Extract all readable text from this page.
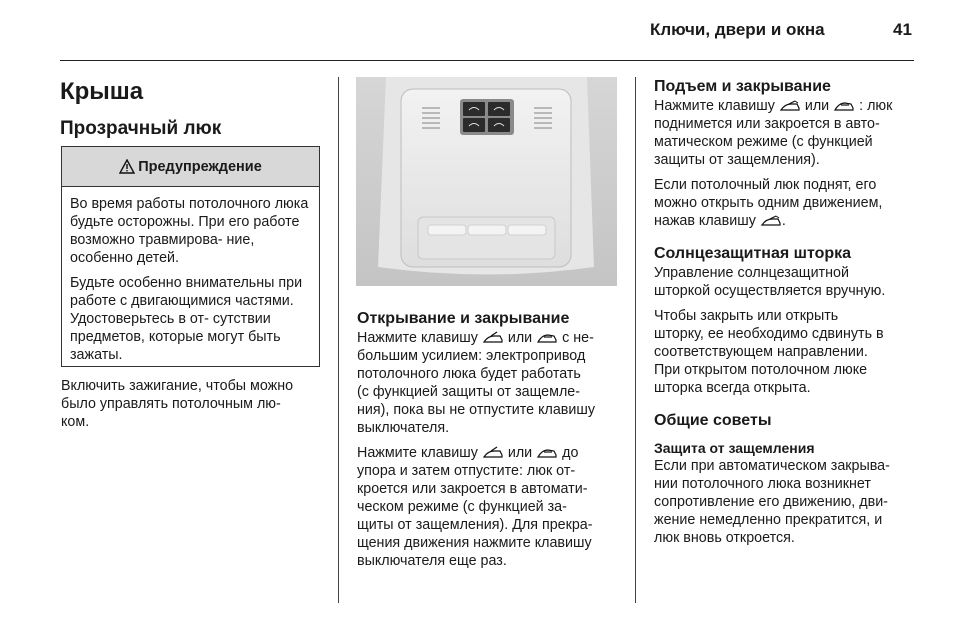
Ключи, двери и окна	41
Крыша
Прозрачный люк
Предупреждение

Во время работы потолочного люка будьте осторожны. При его работе возможно травмирова- ние, особенно детей.

Будьте особенно внимательны при работе с двигающимися частями. Удостоверьтесь в от- сутствии предметов, которые могут быть зажаты.

Включить зажигание, чтобы можно
было управлять потолочным лю-
ком.
Открывание и закрывание

Нажмите клавишу или с не-
большим усилием: электропривод
потолочного люка будет работать
(с функцией защиты от защемле-
ния), пока вы не отпустите клавишу
выключателя.

Нажмите клавишу или до
упора и затем отпустите: люк от-
кроется или закроется в автомати-
ческом режиме (с функцией за-
щиты от защемления). Для прекра-
щения движения нажмите клавишу
выключателя еще раз.

Подъем и закрывание

Нажмите клавишу или : люк
поднимется или закроется в авто-
матическом режиме (с функцией
защиты от защемления).

Если потолочный люк поднят, его
можно открыть одним движением,
нажав клавишу .

Солнцезащитная шторка

Управление солнцезащитной
шторкой осуществляется вручную.

Чтобы закрыть или открыть
шторку, ее необходимо сдвинуть в
соответствующем направлении.
При открытом потолочном люке
шторка всегда открыта.

Общие советы
Защита от защемления

Если при автоматическом закрыва-
нии потолочного люка возникнет
сопротивление его движению, дви-
жение немедленно прекратится, и
люк вновь откроется.
